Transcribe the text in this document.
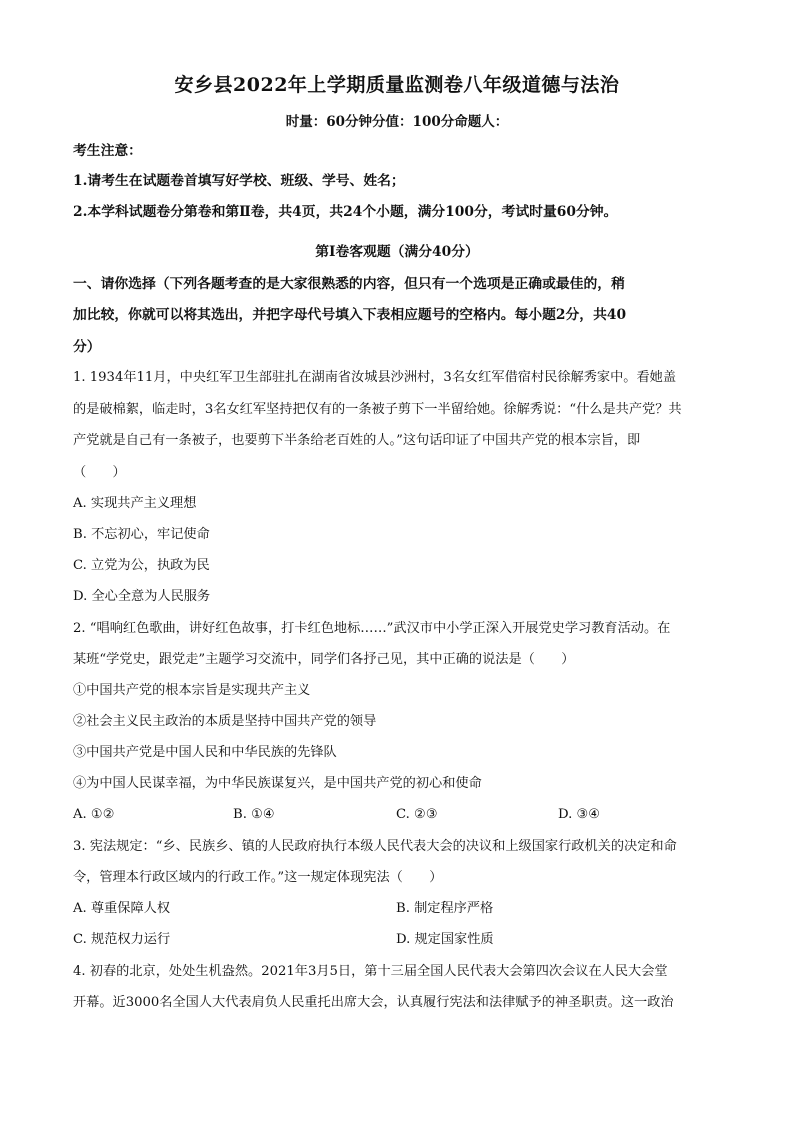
安乡县2022年上学期质量监测卷八年级道德与法治
时量：60分钟分值：100分命题人：
考生注意：
1.请考生在试题卷首填写好学校、班级、学号、姓名；
2.本学科试题卷分第卷和第Ⅱ卷，共4页，共24个小题，满分100分，考试时量60分钟。
第Ⅰ卷客观题（满分40分）
一、请你选择（下列各题考查的是大家很熟悉的内容，但只有一个选项是正确或最佳的，稍
加比较，你就可以将其选出，并把字母代号填入下表相应题号的空格内。每小题2分，共40
分）
1. 1934年11月，中央红军卫生部驻扎在湖南省汝城县沙洲村，3名女红军借宿村民徐解秀家中。看她盖
的是破棉絮，临走时，3名女红军坚持把仅有的一条被子剪下一半留给她。徐解秀说：“什么是共产党？共
产党就是自己有一条被子，也要剪下半条给老百姓的人。”这句话印证了中国共产党的根本宗旨，即
（　　）
A. 实现共产主义理想
B. 不忘初心，牢记使命
C. 立党为公，执政为民
D. 全心全意为人民服务
2. “唱响红色歌曲，讲好红色故事，打卡红色地标……”武汉市中小学正深入开展党史学习教育活动。在
某班“学党史，跟党走”主题学习交流中，同学们各抒己见，其中正确的说法是（　　）
①中国共产党的根本宗旨是实现共产主义
②社会主义民主政治的本质是坚持中国共产党的领导
③中国共产党是中国人民和中华民族的先锋队
④为中国人民谋幸福，为中华民族谋复兴，是中国共产党的初心和使命
A. ①②	B. ①④	C. ②③	D. ③④
3. 宪法规定：“乡、民族乡、镇的人民政府执行本级人民代表大会的决议和上级国家行政机关的决定和命
令，管理本行政区域内的行政工作。”这一规定体现宪法（　　）
A. 尊重保障人权	B. 制定程序严格
C. 规范权力运行	D. 规定国家性质
4. 初春的北京，处处生机盎然。2021年3月5日，第十三届全国人民代表大会第四次会议在人民大会堂
开幕。近3000名全国人大代表肩负人民重托出席大会，认真履行宪法和法律赋予的神圣职责。这一政治
